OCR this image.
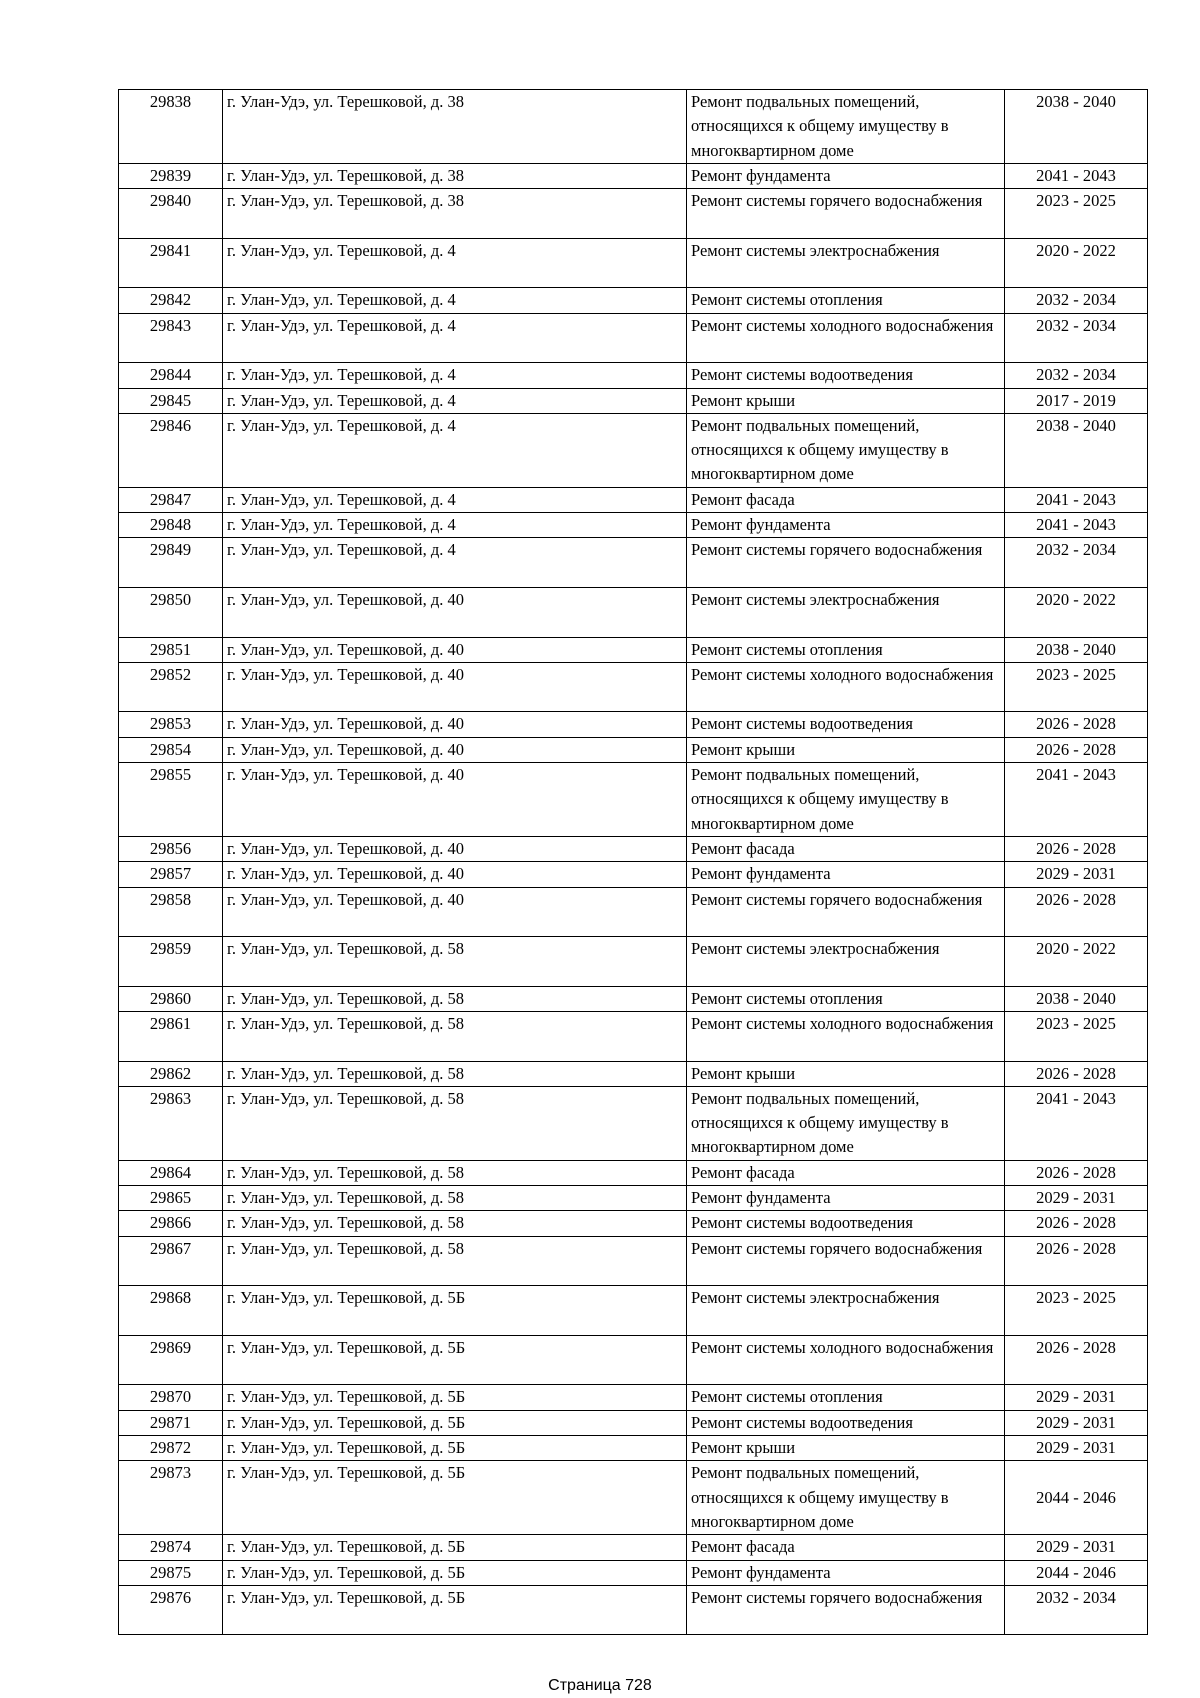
29838	г. Улан-Удэ, ул. Терешковой, д. 38	Ремонт подвальных помещений, относящихся к общему имуществу в многоквартирном доме	2038 - 2040
29839	г. Улан-Удэ, ул. Терешковой, д. 38	Ремонт фундамента	2041 - 2043
29840	г. Улан-Удэ, ул. Терешковой, д. 38	Ремонт системы горячего водоснабжения	2023 - 2025
29841	г. Улан-Удэ, ул. Терешковой, д. 4	Ремонт системы электроснабжения	2020 - 2022
29842	г. Улан-Удэ, ул. Терешковой, д. 4	Ремонт системы отопления	2032 - 2034
29843	г. Улан-Удэ, ул. Терешковой, д. 4	Ремонт системы холодного водоснабжения	2032 - 2034
29844	г. Улан-Удэ, ул. Терешковой, д. 4	Ремонт системы водоотведения	2032 - 2034
29845	г. Улан-Удэ, ул. Терешковой, д. 4	Ремонт крыши	2017 - 2019
29846	г. Улан-Удэ, ул. Терешковой, д. 4	Ремонт подвальных помещений, относящихся к общему имуществу в многоквартирном доме	2038 - 2040
29847	г. Улан-Удэ, ул. Терешковой, д. 4	Ремонт фасада	2041 - 2043
29848	г. Улан-Удэ, ул. Терешковой, д. 4	Ремонт фундамента	2041 - 2043
29849	г. Улан-Удэ, ул. Терешковой, д. 4	Ремонт системы горячего водоснабжения	2032 - 2034
29850	г. Улан-Удэ, ул. Терешковой, д. 40	Ремонт системы электроснабжения	2020 - 2022
29851	г. Улан-Удэ, ул. Терешковой, д. 40	Ремонт системы отопления	2038 - 2040
29852	г. Улан-Удэ, ул. Терешковой, д. 40	Ремонт системы холодного водоснабжения	2023 - 2025
29853	г. Улан-Удэ, ул. Терешковой, д. 40	Ремонт системы водоотведения	2026 - 2028
29854	г. Улан-Удэ, ул. Терешковой, д. 40	Ремонт крыши	2026 - 2028
29855	г. Улан-Удэ, ул. Терешковой, д. 40	Ремонт подвальных помещений, относящихся к общему имуществу в многоквартирном доме	2041 - 2043
29856	г. Улан-Удэ, ул. Терешковой, д. 40	Ремонт фасада	2026 - 2028
29857	г. Улан-Удэ, ул. Терешковой, д. 40	Ремонт фундамента	2029 - 2031
29858	г. Улан-Удэ, ул. Терешковой, д. 40	Ремонт системы горячего водоснабжения	2026 - 2028
29859	г. Улан-Удэ, ул. Терешковой, д. 58	Ремонт системы электроснабжения	2020 - 2022
29860	г. Улан-Удэ, ул. Терешковой, д. 58	Ремонт системы отопления	2038 - 2040
29861	г. Улан-Удэ, ул. Терешковой, д. 58	Ремонт системы холодного водоснабжения	2023 - 2025
29862	г. Улан-Удэ, ул. Терешковой, д. 58	Ремонт крыши	2026 - 2028
29863	г. Улан-Удэ, ул. Терешковой, д. 58	Ремонт подвальных помещений, относящихся к общему имуществу в многоквартирном доме	2041 - 2043
29864	г. Улан-Удэ, ул. Терешковой, д. 58	Ремонт фасада	2026 - 2028
29865	г. Улан-Удэ, ул. Терешковой, д. 58	Ремонт фундамента	2029 - 2031
29866	г. Улан-Удэ, ул. Терешковой, д. 58	Ремонт системы водоотведения	2026 - 2028
29867	г. Улан-Удэ, ул. Терешковой, д. 58	Ремонт системы горячего водоснабжения	2026 - 2028
29868	г. Улан-Удэ, ул. Терешковой, д. 5Б	Ремонт системы электроснабжения	2023 - 2025
29869	г. Улан-Удэ, ул. Терешковой, д. 5Б	Ремонт системы холодного водоснабжения	2026 - 2028
29870	г. Улан-Удэ, ул. Терешковой, д. 5Б	Ремонт системы отопления	2029 - 2031
29871	г. Улан-Удэ, ул. Терешковой, д. 5Б	Ремонт системы водоотведения	2029 - 2031
29872	г. Улан-Удэ, ул. Терешковой, д. 5Б	Ремонт крыши	2029 - 2031
29873	г. Улан-Удэ, ул. Терешковой, д. 5Б	Ремонт подвальных помещений, относящихся к общему имуществу в многоквартирном доме	2044 - 2046
29874	г. Улан-Удэ, ул. Терешковой, д. 5Б	Ремонт фасада	2029 - 2031
29875	г. Улан-Удэ, ул. Терешковой, д. 5Б	Ремонт фундамента	2044 - 2046
29876	г. Улан-Удэ, ул. Терешковой, д. 5Б	Ремонт системы горячего водоснабжения	2032 - 2034
Страница 728
